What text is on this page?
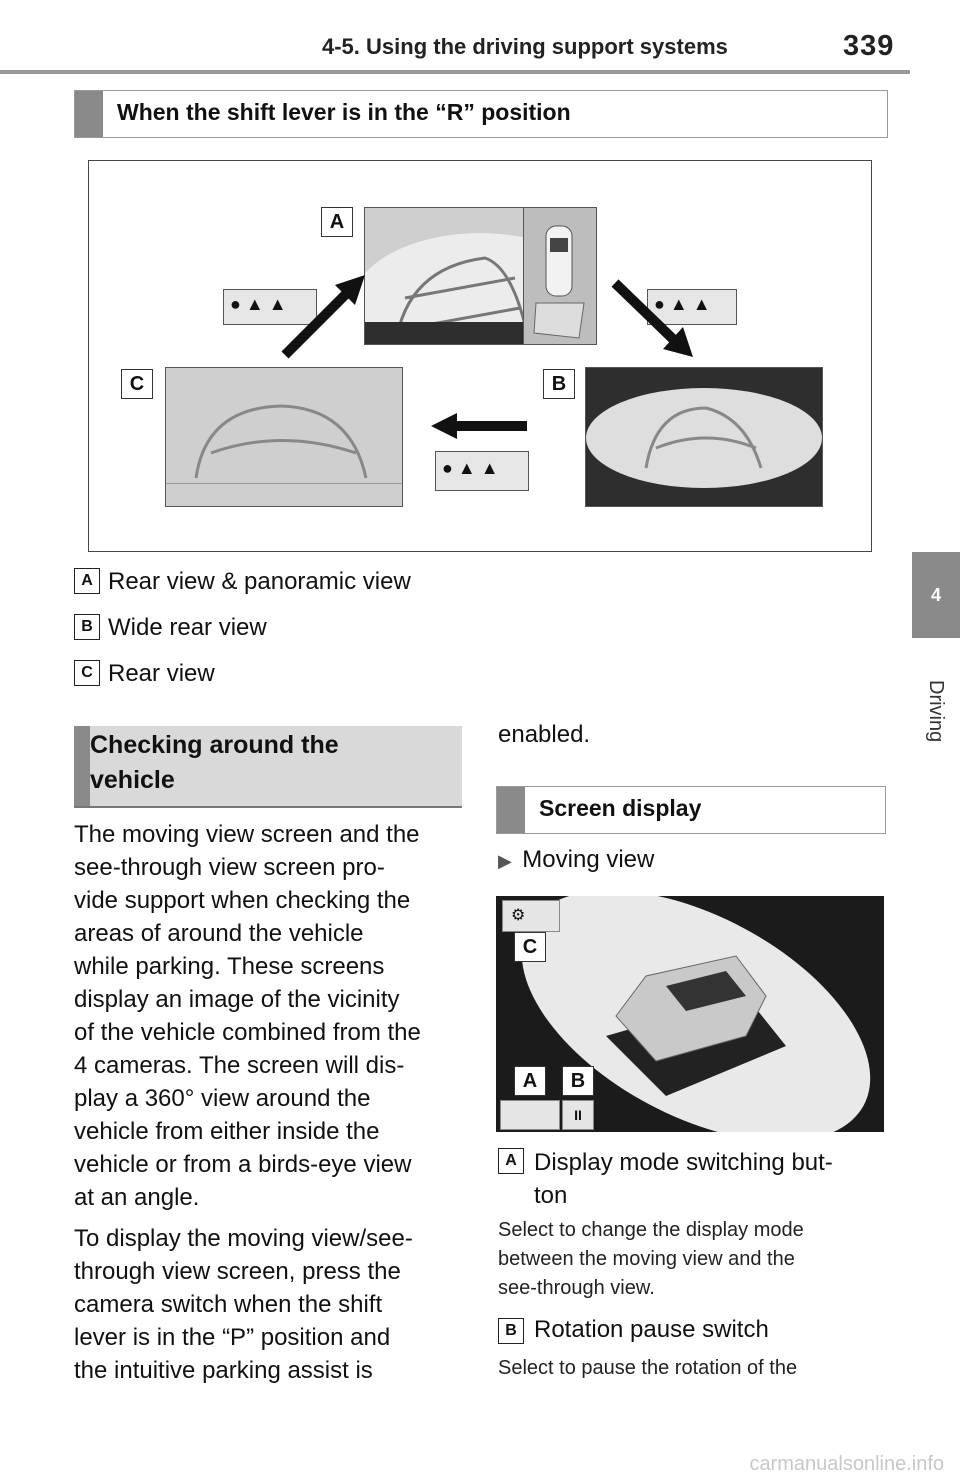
4-5. Using the driving support systems	339
4
Driving
When the shift lever is in the “R” position
A
● ▲ ▲	● ▲ ▲
● ▲ ▲
C	B
A Rear view & panoramic view
B Wide rear view
C Rear view
Checking around the
vehicle
The moving view screen and the
see-through view screen pro-
vide support when checking the
areas of around the vehicle
while parking. These screens
display an image of the vicinity
of the vehicle combined from the
4 cameras. The screen will dis-
play a 360° view around the
vehicle from either inside the
vehicle or from a birds-eye view
at an angle.
To display the moving view/see-
through view screen, press the
camera switch when the shift
lever is in the “P” position and
the intuitive parking assist is
enabled.
Screen display
▶ Moving view
⚙
C
A	B
II
A Display mode switching but-
ton
Select to change the display mode
between the moving view and the
see-through view.
B Rotation pause switch
Select to pause the rotation of the
carmanualsonline.info
